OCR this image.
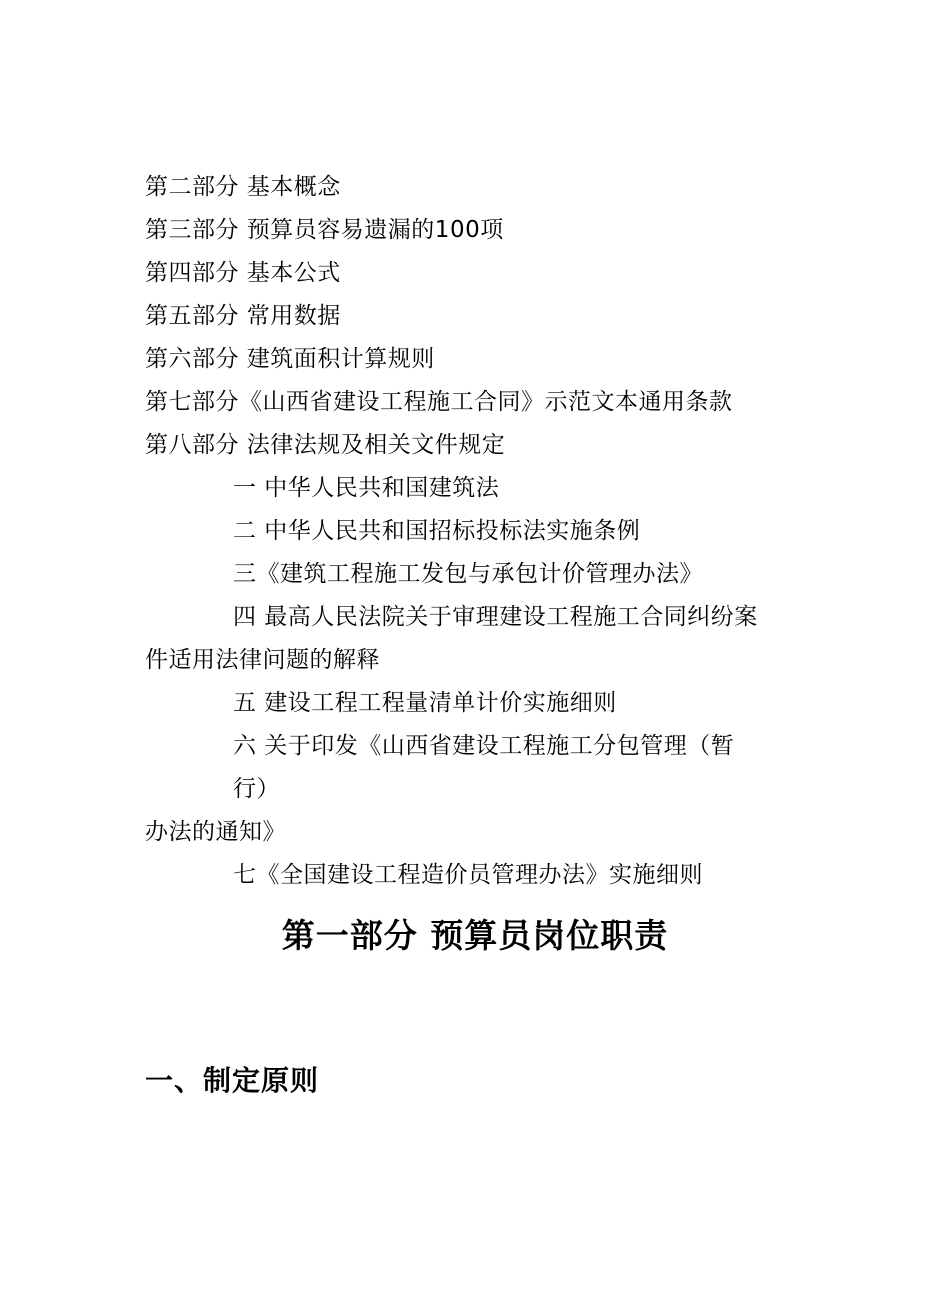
第二部分 基本概念
第三部分 预算员容易遗漏的100项
第四部分 基本公式
第五部分 常用数据
第六部分 建筑面积计算规则
第七部分《山西省建设工程施工合同》示范文本通用条款
第八部分 法律法规及相关文件规定
一 中华人民共和国建筑法
二 中华人民共和国招标投标法实施条例
三《建筑工程施工发包与承包计价管理办法》
四 最高人民法院关于审理建设工程施工合同纠纷案
件适用法律问题的解释
五 建设工程工程量清单计价实施细则
六 关于印发《山西省建设工程施工分包管理（暂
行）
办法的通知》
七《全国建设工程造价员管理办法》实施细则
第一部分 预算员岗位职责
一、制定原则
